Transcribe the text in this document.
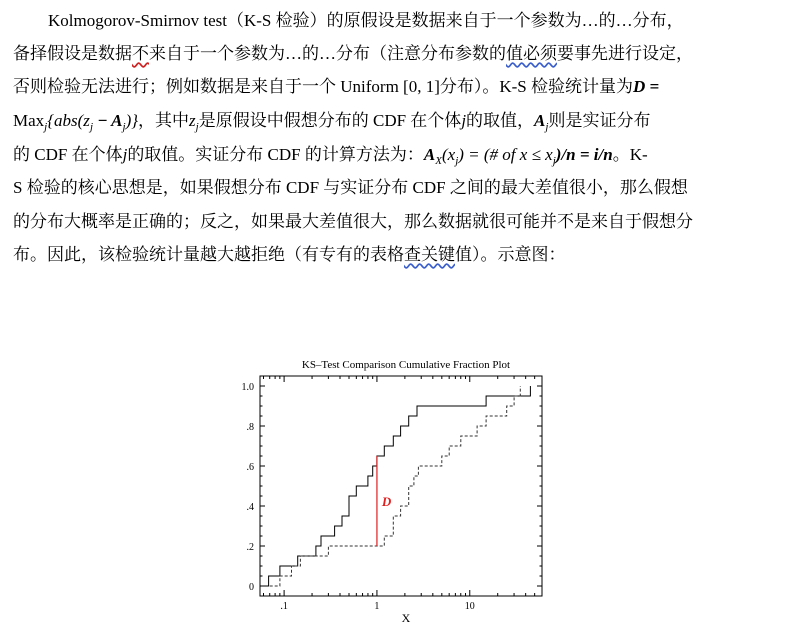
Kolmogorov-Smirnov test（K-S 检验）的原假设是数据来自于一个参数为…的…分布，
备择假设是数据不来自于一个参数为…的…分布（注意分布参数的值必须要事先进行设定，
否则检验无法进行；例如数据是来自于一个 Uniform [0, 1]分布）。K-S 检验统计量为D =
$Max_j\{abs(z_j - A_j)\}$，其中$z_j$是原假设中假想分布的 CDF 在个体j的取值，$A_j$则是实证分布
的 CDF 在个体j的取值。实证分布 CDF 的计算方法为：$A_X(x_j)$ = (# of $x \le x_j)/n = i/n$。K-
S 检验的核心思想是，如果假想分布 CDF 与实证分布 CDF 之间的最大差值很小，那么假想
的分布大概率是正确的；反之，如果最大差值很大，那么数据就很可能并不是来自于假想分
布。因此，该检验统计量越大越拒绝（有专有的表格查关键值）。示意图：
KS–Test Comparison Cumulative Fraction Plot
X
0
.2
.4
.6
.8
1.0
.1	1	10
D
